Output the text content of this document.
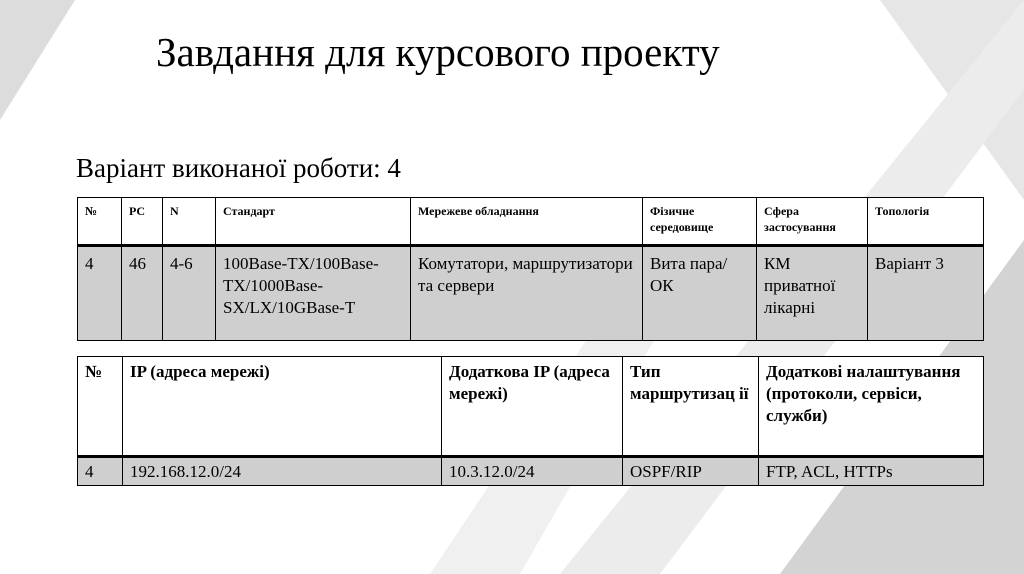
Завдання для курсового проекту

Варіант виконаної роботи: 4

№	PC	N	Стандарт	Мережеве обладнання	Фізичне середовище	Сфера застосування	Топологія
4	46	4-6	100Base-TX/100Base-TX/1000Base-SX/LX/10GBase-T	Комутатори, маршрутизатори та сервери	Вита пара/ОК	КМ приватної лікарні	Варіант 3
№	IP (адреса мережі)	Додаткова IP (адреса мережі)	Тип маршрутизац ії	Додаткові налаштування (протоколи, сервіси, служби)
4	192.168.12.0/24	10.3.12.0/24	OSPF/RIP	FTP, ACL, HTTPs
